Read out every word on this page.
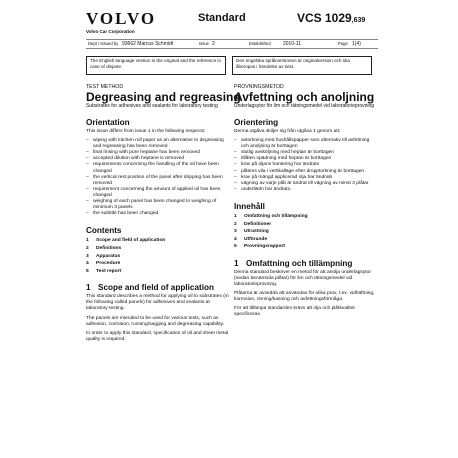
VOLVO
Volvo Car Corporation
Standard	VCS 1029,639
Dept / Issued by 93662 Marcus Schmidt	Issue 2	Established 2010-11	Page 1(4)
The English language version is the original and the reference in case of dispute.
Den engelska språkversionen är originalversion och ska åberopas i händelse av tvist.
TEST METHOD
Degreasing and regreasing
Substrates for adhesives and sealants for laboratory testing
Orientation

This issue differs from issue 1 in the following respects:

– wiping with kitchen roll paper as an alternative to degreasing and regreasing has been removed
– final rinsing with pure heptane has been removed
– accepted dilution with heptane is removed
– requirements concerning the handling of the oil have been changed
– the vertical rest position of the panel after dripping has been removed
– requirement concerning the amount of applied oil has been changed
– weighing of each panel has been changed to weighing of minimum 3 panels
– the subtitle has been changed.
Contents
1	Scope and field of application
2	Definitions
3	Apparatus
4	Procedure
5	Test report
1 Scope and field of application

This standard describes a method for applying oil to substrates (in the following called panels) for adhesives and sealants at laboratory testing.

The panels are intended to be used for various tests, such as adhesion, corrosion, running/sagging and degreasing capability.

In order to apply this standard, specification of oil and sheet metal quality is required.

PROVNINGSMETOD
Avfettning och anoljning
Underlagsytor för lim och tätningsmedel vid laboratorieprovning
Orientering

Denna utgåva skiljer sig från utgåva 1 genom att:

– avtorkning med hushållspapper som alternativ till avfettning och anoljning är borttagen
– slutlig avsköljning med heptan är borttagen
– tillåten spädning med heptan är borttagen
– krav på oljans hantering har ändrats
– plåtens vila i vertikalläge efter dropptorkning är borttagen
– krav på mängd applicerad olja har ändrats
– vägning av varje plåt är ändrat till vägning av minst 3 plåtar
– undertiteln har ändrats.
Innehåll
1	Omfattning och tillämpning
2	Definitioner
3	Utrustning
4	Utförande
5	Provningsrapport
1 Omfattning och tillämpning

Denna standard beskriver en metod för att anolja underlagsytor (nedan benämnda plåtar) för lim och tätningsmedel vid laboratorieprovning.

Plåtarna är avsedda att användas för olika prov, t.ex. vidhäftning, korrosion, rinning/kasning och avfettningsförmåga.

För att tillämpa standarden krävs att olja och plåtkvalitet specificeras.
